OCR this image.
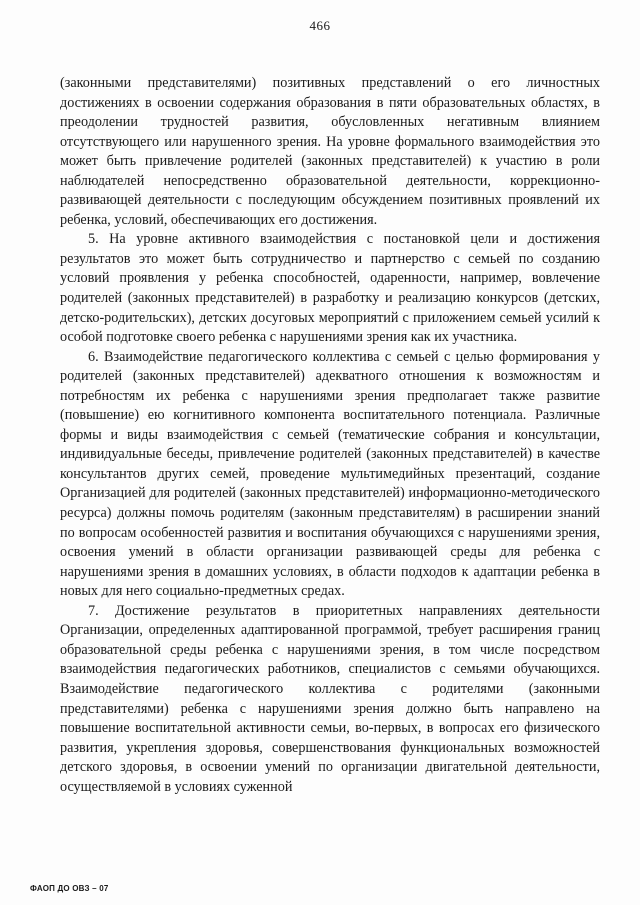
466

(законными представителями) позитивных представлений о его личностных достижениях в освоении содержания образования в пяти образовательных областях, в преодолении трудностей развития, обусловленных негативным влиянием отсутствующего или нарушенного зрения. На уровне формального взаимодействия это может быть привлечение родителей (законных представителей) к участию в роли наблюдателей непосредственно образовательной деятельности, коррекционно-развивающей деятельности с последующим обсуждением позитивных проявлений их ребенка, условий, обеспечивающих его достижения.

5. На уровне активного взаимодействия с постановкой цели и достижения результатов это может быть сотрудничество и партнерство с семьей по созданию условий проявления у ребенка способностей, одаренности, например, вовлечение родителей (законных представителей) в разработку и реализацию конкурсов (детских, детско-родительских), детских досуговых мероприятий с приложением семьей усилий к особой подготовке своего ребенка с нарушениями зрения как их участника.

6. Взаимодействие педагогического коллектива с семьей с целью формирования у родителей (законных представителей) адекватного отношения к возможностям и потребностям их ребенка с нарушениями зрения предполагает также развитие (повышение) ею когнитивного компонента воспитательного потенциала. Различные формы и виды взаимодействия с семьей (тематические собрания и консультации, индивидуальные беседы, привлечение родителей (законных представителей) в качестве консультантов других семей, проведение мультимедийных презентаций, создание Организацией для родителей (законных представителей) информационно-методического ресурса) должны помочь родителям (законным представителям) в расширении знаний по вопросам особенностей развития и воспитания обучающихся с нарушениями зрения, освоения умений в области организации развивающей среды для ребенка с нарушениями зрения в домашних условиях, в области подходов к адаптации ребенка в новых для него социально-предметных средах.

7. Достижение результатов в приоритетных направлениях деятельности Организации, определенных адаптированной программой, требует расширения границ образовательной среды ребенка с нарушениями зрения, в том числе посредством взаимодействия педагогических работников, специалистов с семьями обучающихся. Взаимодействие педагогического коллектива с родителями (законными представителями) ребенка с нарушениями зрения должно быть направлено на повышение воспитательной активности семьи, во-первых, в вопросах его физического развития, укрепления здоровья, совершенствования функциональных возможностей детского здоровья, в освоении умений по организации двигательной деятельности, осуществляемой в условиях суженной

ФАОП ДО ОВЗ – 07
